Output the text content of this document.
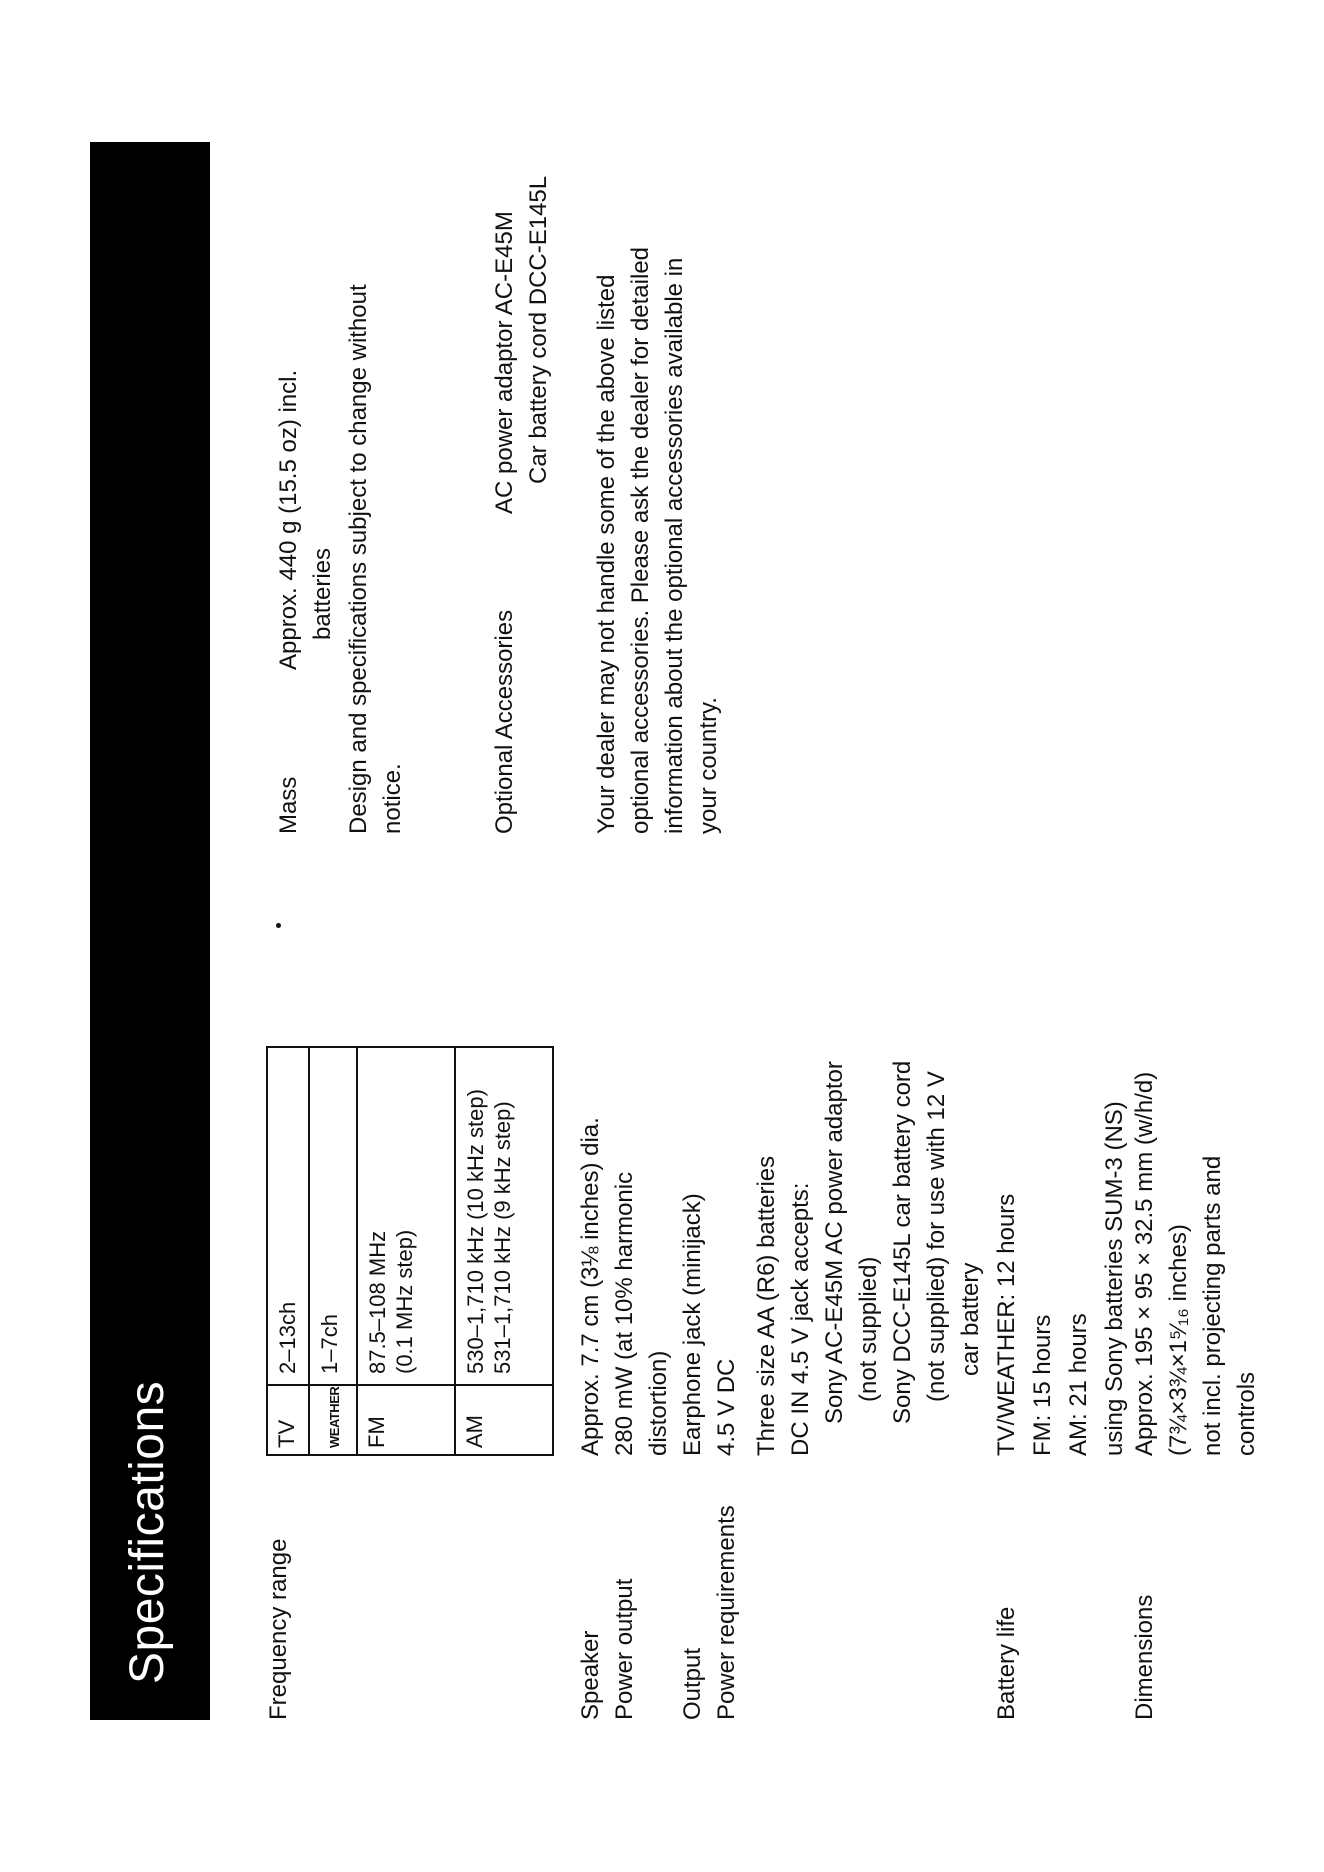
Specifications	Frequency range
TV
2–13ch
WEATHER
1–7ch
FM
87.5–108 MHz (0.1 MHz step)
AM
530–1,710 kHz (10 kHz step) 531–1,710 kHz (9 kHz step)
Speaker
Approx. 7.7 cm (3⅛ inches) dia.
Power output
280 mW (at 10% harmonic distortion)
Output
Earphone jack (minijack)
Power requirements
4.5 V DC Three size AA (R6) batteries DC IN 4.5 V jack accepts: Sony AC-E45M AC power adaptor (not supplied) Sony DCC-E145L car battery cord (not supplied) for use with 12 V car battery
Battery life
TV/WEATHER: 12 hours FM: 15 hours AM: 21 hours using Sony batteries SUM-3 (NS)
Dimensions
Approx. 195 × 95 × 32.5 mm (w/h/d) (7¾×3¾×1⁵⁄₁₆ inches) not incl. projecting parts and controls
Mass
Approx. 440 g (15.5 oz) incl. batteries Design and specifications subject to change without notice.	Optional Accessories
AC power adaptor AC-E45M Car battery cord DCC-E145L Your dealer may not handle some of the above listed optional accessories. Please ask the dealer for detailed information about the optional accessories available in your country.
